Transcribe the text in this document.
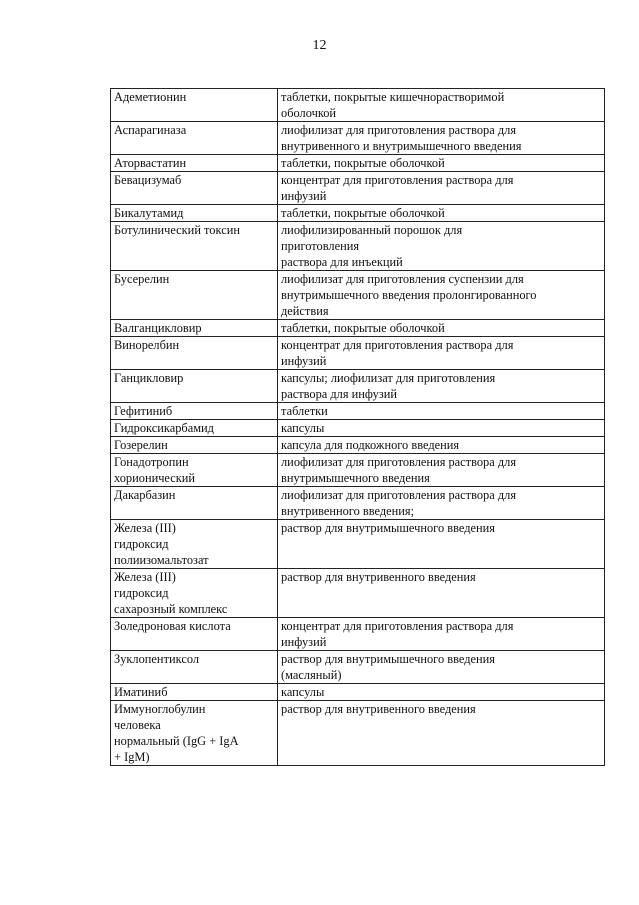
12
Адеметионин	таблетки, покрытые кишечнорастворимой
оболочкой

Аспарагиназа	лиофилизат для приготовления раствора для
внутривенного и внутримышечного введения

Аторвастатин	таблетки, покрытые оболочкой

Бевацизумаб	концентрат для приготовления раствора для
инфузий

Бикалутамид	таблетки, покрытые оболочкой

Ботулинический токсин	лиофилизированный порошок для
приготовления
раствора для инъекций

Бусерелин	лиофилизат для приготовления суспензии для
внутримышечного введения пролонгированного
действия

Валганцикловир	таблетки, покрытые оболочкой

Винорелбин	концентрат для приготовления раствора для
инфузий

Ганцикловир	капсулы; лиофилизат для приготовления
раствора для инфузий

Гефитиниб	таблетки

Гидроксикарбамид	капсулы

Гозерелин	капсула для подкожного введения

Гонадотропин
хорионический	лиофилизат для приготовления раствора для
внутримышечного введения

Дакарбазин	лиофилизат для приготовления раствора для
внутривенного введения;

Железа (III)
гидроксид
полиизомальтозат	раствор для внутримышечного введения

Железа (III)
гидроксид
сахарозный комплекс	раствор для внутривенного введения

Золедроновая кислота	концентрат для приготовления раствора для
инфузий

Зуклопентиксол	раствор для внутримышечного введения
(масляный)

Иматиниб	капсулы

Иммуноглобулин
человека
нормальный (IgG + IgA
+ IgM)	раствор для внутривенного введения
